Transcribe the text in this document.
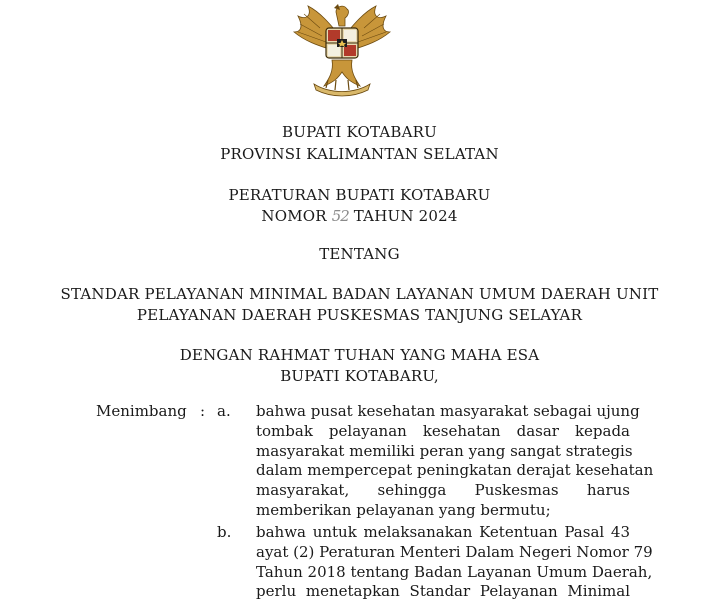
BUPATI KOTABARU
PROVINSI KALIMANTAN SELATAN
PERATURAN BUPATI KOTABARU
NOMOR 52 TAHUN 2024
TENTANG
STANDAR PELAYANAN MINIMAL BADAN LAYANAN UMUM DAERAH UNIT
PELAYANAN DAERAH PUSKESMAS TANJUNG SELAYAR
DENGAN RAHMAT TUHAN YANG MAHA ESA
BUPATI KOTABARU,
Menimbang : a. bahwa pusat kesehatan masyarakat sebagai ujung
tombak pelayanan kesehatan dasar kepada
masyarakat memiliki peran yang sangat strategis
dalam mempercepat peningkatan derajat kesehatan
masyarakat, sehingga Puskesmas harus
memberikan pelayanan yang bermutu;
b. bahwa untuk melaksanakan Ketentuan Pasal 43
ayat (2) Peraturan Menteri Dalam Negeri Nomor 79
Tahun 2018 tentang Badan Layanan Umum Daerah,
perlu menetapkan Standar Pelayanan Minimal
